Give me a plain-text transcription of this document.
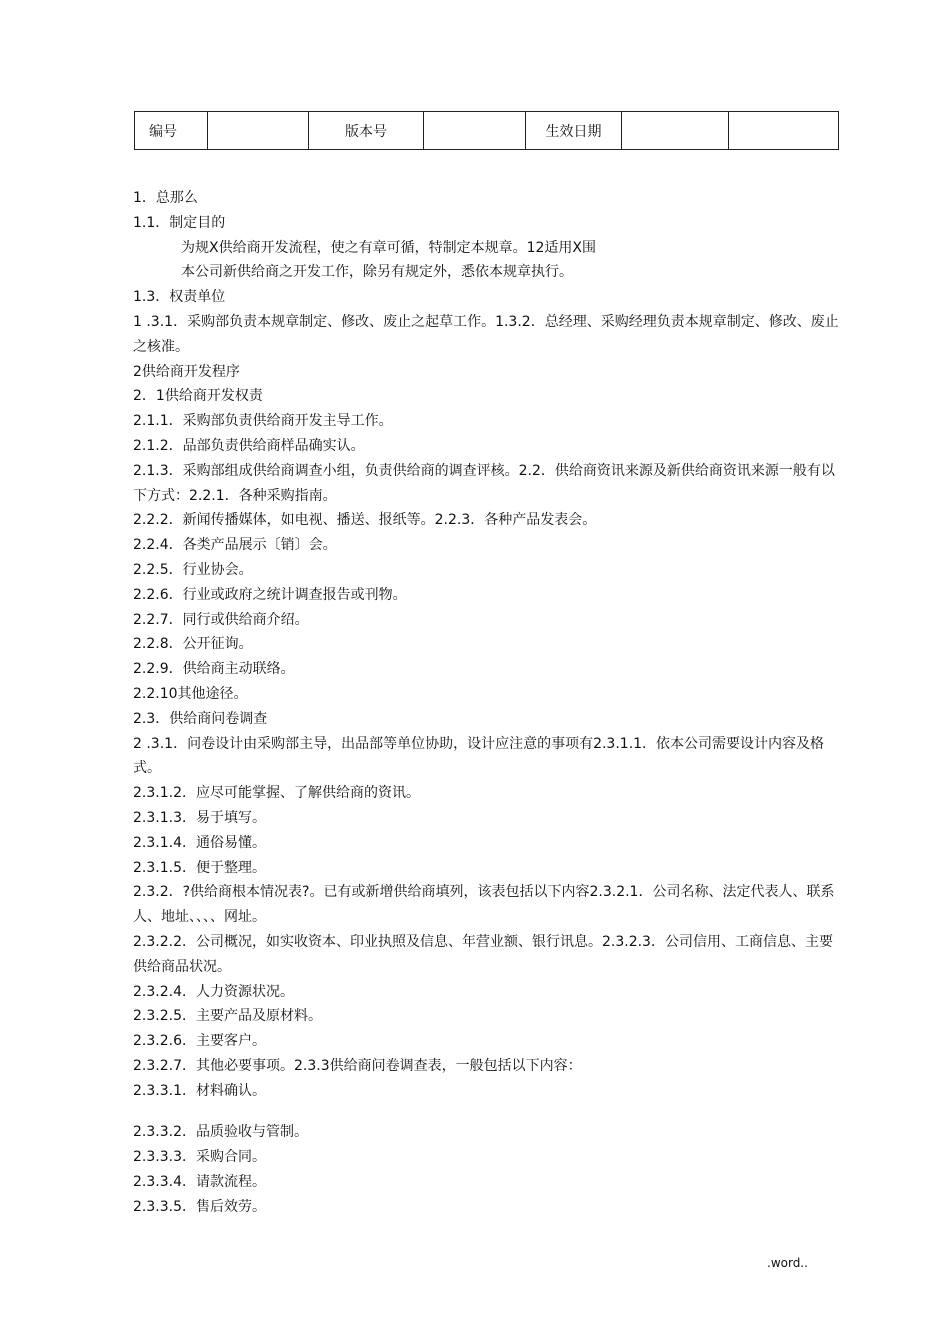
编号		版本号		生效日期		

1．总那么

1.1．制定目的

为规X供给商开发流程，使之有章可循，特制定本规章。12适用X围

本公司新供给商之开发工作，除另有规定外，悉依本规章执行。

1.3．权责单位

1 .3.1．采购部负责本规章制定、修改、废止之起草工作。1.3.2．总经理、采购经理负责本规章制定、修改、废止之核准。

2供给商开发程序

2．1供给商开发权责

2.1.1．采购部负责供给商开发主导工作。

2.1.2．品部负责供给商样品确实认。

2.1.3．采购部组成供给商调查小组，负责供给商的调查评核。2.2．供给商资讯来源及新供给商资讯来源一般有以下方式：2.2.1．各种采购指南。

2.2.2．新闻传播媒体，如电视、播送、报纸等。2.2.3．各种产品发表会。

2.2.4．各类产品展示〔销〕会。

2.2.5．行业协会。

2.2.6．行业或政府之统计调查报告或刊物。

2.2.7．同行或供给商介绍。

2.2.8．公开征询。

2.2.9．供给商主动联络。

2.2.10其他途径。

2.3．供给商问卷调查

2 .3.1．问卷设计由采购部主导，出品部等单位协助，设计应注意的事项有2.3.1.1．依本公司需要设计内容及格式。

2.3.1.2．应尽可能掌握、了解供给商的资讯。

2.3.1.3．易于填写。

2.3.1.4．通俗易懂。

2.3.1.5．便于整理。

2.3.2．?供给商根本情况表?。已有或新增供给商填列，该表包括以下内容2.3.2.1．公司名称、法定代表人、联系人、地址、、、、网址。

2.3.2.2．公司概况，如实收资本、印业执照及信息、年营业额、银行讯息。2.3.2.3．公司信用、工商信息、主要供给商品状况。

2.3.2.4．人力资源状况。

2.3.2.5．主要产品及原材料。

2.3.2.6．主要客户。

2.3.2.7．其他必要事项。2.3.3供给商问卷调查表，一般包括以下内容：

2.3.3.1．材料确认。

2.3.3.2．品质验收与管制。

2.3.3.3．采购合同。

2.3.3.4．请款流程。

2.3.3.5．售后效劳。

.word..
